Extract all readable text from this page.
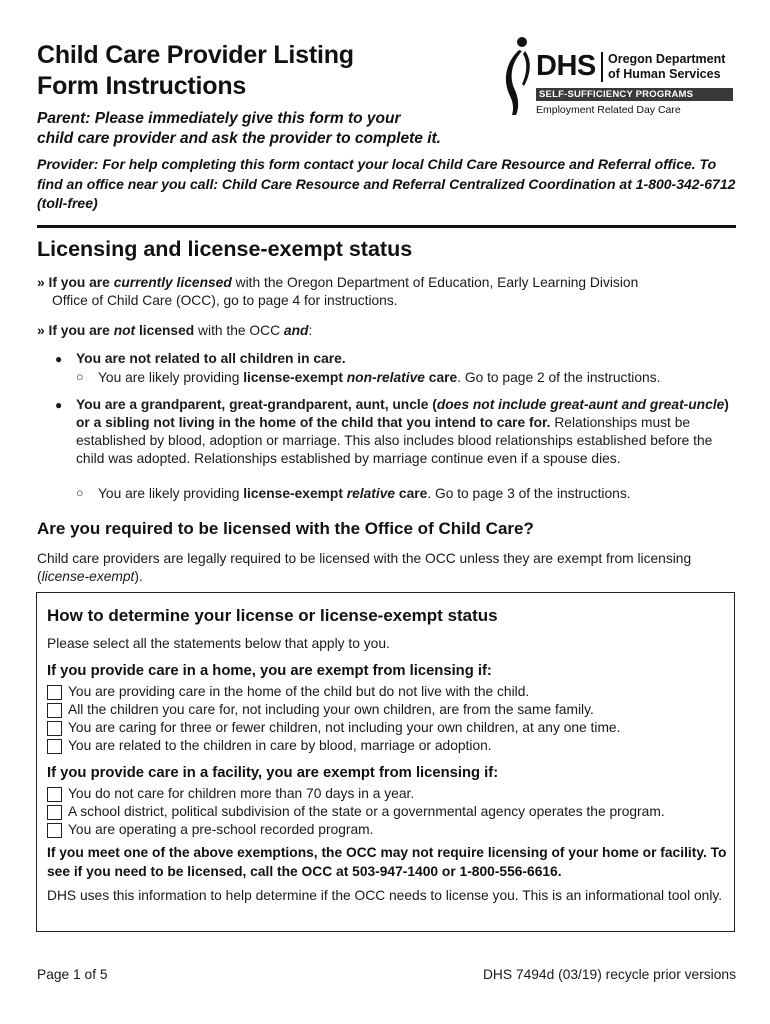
Child Care Provider Listing
Form Instructions
Parent: Please immediately give this form to your
child care provider and ask the provider to complete it.
DHS Oregon Department
of Human Services
SELF-SUFFICIENCY PROGRAMS
Employment Related Day Care
Provider: For help completing this form contact your local Child Care Resource and Referral office. To find an office near you call: Child Care Resource and Referral Centralized Coordination at 1-800-342-6712 (toll-free)
Licensing and license-exempt status
» If you are currently licensed with the Oregon Department of Education, Early Learning Division
Office of Child Care (OCC), go to page 4 for instructions.
» If you are not licensed with the OCC and:
● You are not related to all children in care.
○ You are likely providing license-exempt non-relative care. Go to page 2 of the instructions.
● You are a grandparent, great-grandparent, aunt, uncle (does not include great-aunt and great-uncle) or a sibling not living in the home of the child that you intend to care for. Relationships must be established by blood, adoption or marriage. This also includes blood relationships established before the child was adopted. Relationships established by marriage continue even if a spouse dies.
○ You are likely providing license-exempt relative care. Go to page 3 of the instructions.
Are you required to be licensed with the Office of Child Care?
Child care providers are legally required to be licensed with the OCC unless they are exempt from licensing (license-exempt).
How to determine your license or license-exempt status
Please select all the statements below that apply to you.
If you provide care in a home, you are exempt from licensing if:
You are providing care in the home of the child but do not live with the child.
All the children you care for, not including your own children, are from the same family.
You are caring for three or fewer children, not including your own children, at any one time.
You are related to the children in care by blood, marriage or adoption.
If you provide care in a facility, you are exempt from licensing if:
You do not care for children more than 70 days in a year.
A school district, political subdivision of the state or a governmental agency operates the program.
You are operating a pre-school recorded program.
If you meet one of the above exemptions, the OCC may not require licensing of your home or facility. To see if you need to be licensed, call the OCC at 503-947-1400 or 1-800-556-6616.
DHS uses this information to help determine if the OCC needs to license you. This is an informational tool only.
Page 1 of 5	DHS 7494d (03/19) recycle prior versions
